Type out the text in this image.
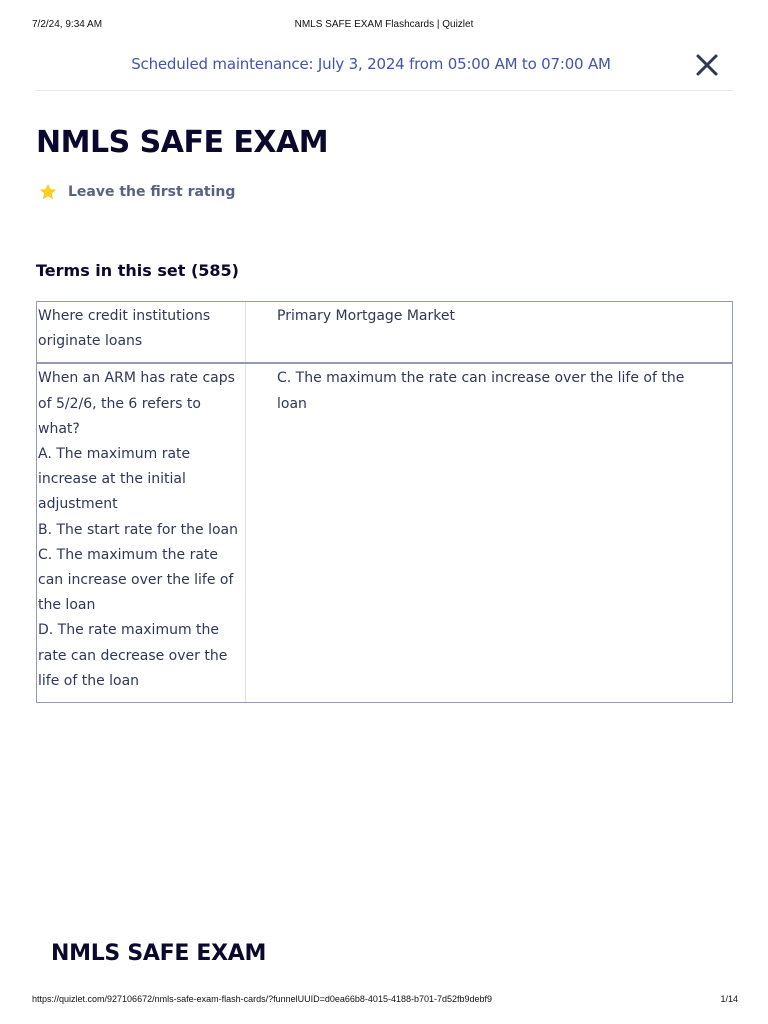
7/2/24, 9:34 AM	NMLS SAFE EXAM Flashcards | Quizlet
Scheduled maintenance: July 3, 2024 from 05:00 AM to 07:00 AM
NMLS SAFE EXAM
Leave the first rating
Terms in this set (585)
Where credit institutions originate loans
Primary Mortgage Market
When an ARM has rate caps of 5/2/6, the 6 refers to what?
A. The maximum rate increase at the initial adjustment
B. The start rate for the loan
C. The maximum the rate can increase over the life of the loan
D. The rate maximum the rate can decrease over the life of the loan
C. The maximum the rate can increase over the life of the loan
NMLS SAFE EXAM
https://quizlet.com/927106672/nmls-safe-exam-flash-cards/?funnelUUID=d0ea66b8-4015-4188-b701-7d52fb9debf9	1/14
